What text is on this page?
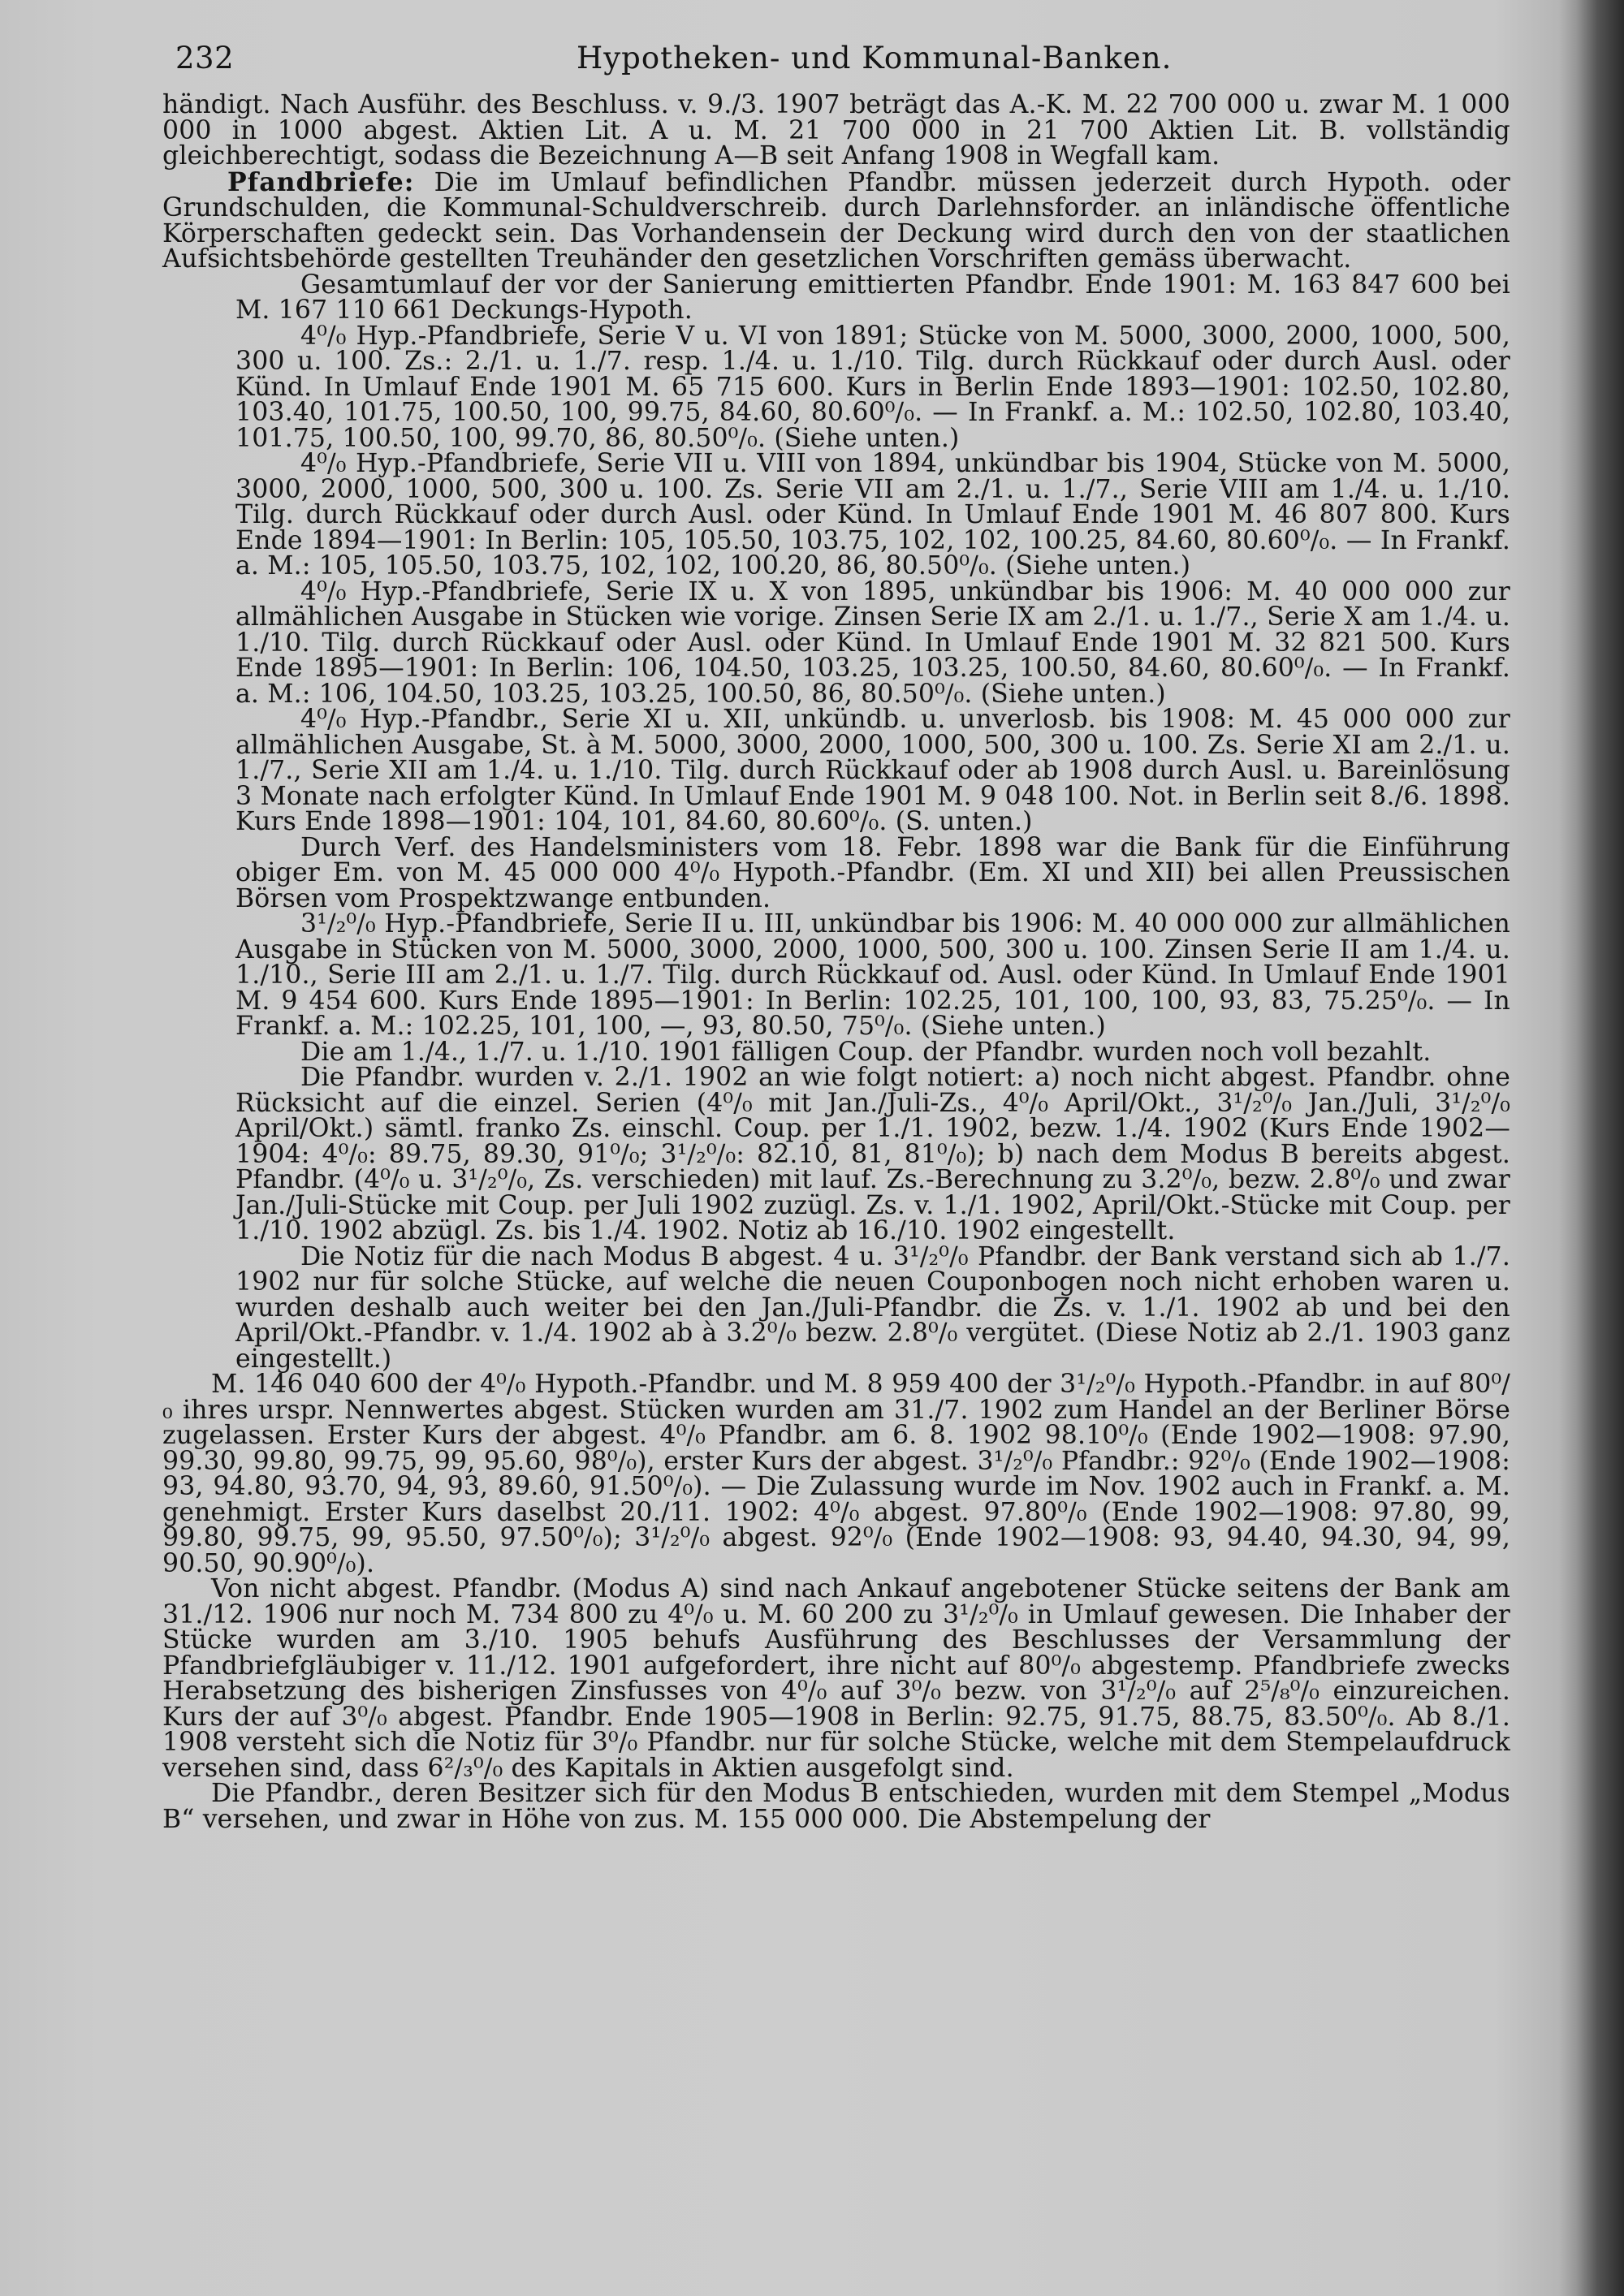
232	Hypotheken- und Kommunal-Banken.

händigt. Nach Ausführ. des Beschluss. v. 9./3. 1907 beträgt das A.-K. M. 22 700 000 u. zwar M. 1 000 000 in 1000 abgest. Aktien Lit. A u. M. 21 700 000 in 21 700 Aktien Lit. B. vollständig gleichberechtigt, sodass die Bezeichnung A—B seit Anfang 1908 in Wegfall kam.

Pfandbriefe: Die im Umlauf befindlichen Pfandbr. müssen jederzeit durch Hypoth. oder Grundschulden, die Kommunal-Schuldverschreib. durch Darlehnsforder. an inländische öffentliche Körperschaften gedeckt sein. Das Vorhandensein der Deckung wird durch den von der staatlichen Aufsichtsbehörde gestellten Treuhänder den gesetzlichen Vorschriften gemäss überwacht.

Gesamtumlauf der vor der Sanierung emittierten Pfandbr. Ende 1901: M. 163 847 600 bei M. 167 110 661 Deckungs-Hypoth.

4⁰/₀ Hyp.-Pfandbriefe, Serie V u. VI von 1891; Stücke von M. 5000, 3000, 2000, 1000, 500, 300 u. 100. Zs.: 2./1. u. 1./7. resp. 1./4. u. 1./10. Tilg. durch Rückkauf oder durch Ausl. oder Künd. In Umlauf Ende 1901 M. 65 715 600. Kurs in Berlin Ende 1893—1901: 102.50, 102.80, 103.40, 101.75, 100.50, 100, 99.75, 84.60, 80.60⁰/₀. — In Frankf. a. M.: 102.50, 102.80, 103.40, 101.75, 100.50, 100, 99.70, 86, 80.50⁰/₀. (Siehe unten.)

4⁰/₀ Hyp.-Pfandbriefe, Serie VII u. VIII von 1894, unkündbar bis 1904, Stücke von M. 5000, 3000, 2000, 1000, 500, 300 u. 100. Zs. Serie VII am 2./1. u. 1./7., Serie VIII am 1./4. u. 1./10. Tilg. durch Rückkauf oder durch Ausl. oder Künd. In Umlauf Ende 1901 M. 46 807 800. Kurs Ende 1894—1901: In Berlin: 105, 105.50, 103.75, 102, 102, 100.25, 84.60, 80.60⁰/₀. — In Frankf. a. M.: 105, 105.50, 103.75, 102, 102, 100.20, 86, 80.50⁰/₀. (Siehe unten.)

4⁰/₀ Hyp.-Pfandbriefe, Serie IX u. X von 1895, unkündbar bis 1906: M. 40 000 000 zur allmählichen Ausgabe in Stücken wie vorige. Zinsen Serie IX am 2./1. u. 1./7., Serie X am 1./4. u. 1./10. Tilg. durch Rückkauf oder Ausl. oder Künd. In Umlauf Ende 1901 M. 32 821 500. Kurs Ende 1895—1901: In Berlin: 106, 104.50, 103.25, 103.25, 100.50, 84.60, 80.60⁰/₀. — In Frankf. a. M.: 106, 104.50, 103.25, 103.25, 100.50, 86, 80.50⁰/₀. (Siehe unten.)

4⁰/₀ Hyp.-Pfandbr., Serie XI u. XII, unkündb. u. unverlosb. bis 1908: M. 45 000 000 zur allmählichen Ausgabe, St. à M. 5000, 3000, 2000, 1000, 500, 300 u. 100. Zs. Serie XI am 2./1. u. 1./7., Serie XII am 1./4. u. 1./10. Tilg. durch Rückkauf oder ab 1908 durch Ausl. u. Bareinlösung 3 Monate nach erfolgter Künd. In Umlauf Ende 1901 M. 9 048 100. Not. in Berlin seit 8./6. 1898. Kurs Ende 1898—1901: 104, 101, 84.60, 80.60⁰/₀. (S. unten.)

Durch Verf. des Handelsministers vom 18. Febr. 1898 war die Bank für die Einführung obiger Em. von M. 45 000 000 4⁰/₀ Hypoth.-Pfandbr. (Em. XI und XII) bei allen Preussischen Börsen vom Prospektzwange entbunden.

3¹/₂⁰/₀ Hyp.-Pfandbriefe, Serie II u. III, unkündbar bis 1906: M. 40 000 000 zur allmählichen Ausgabe in Stücken von M. 5000, 3000, 2000, 1000, 500, 300 u. 100. Zinsen Serie II am 1./4. u. 1./10., Serie III am 2./1. u. 1./7. Tilg. durch Rückkauf od. Ausl. oder Künd. In Umlauf Ende 1901 M. 9 454 600. Kurs Ende 1895—1901: In Berlin: 102.25, 101, 100, 100, 93, 83, 75.25⁰/₀. — In Frankf. a. M.: 102.25, 101, 100, —, 93, 80.50, 75⁰/₀. (Siehe unten.)

Die am 1./4., 1./7. u. 1./10. 1901 fälligen Coup. der Pfandbr. wurden noch voll bezahlt.

Die Pfandbr. wurden v. 2./1. 1902 an wie folgt notiert: a) noch nicht abgest. Pfandbr. ohne Rücksicht auf die einzel. Serien (4⁰/₀ mit Jan./Juli-Zs., 4⁰/₀ April/Okt., 3¹/₂⁰/₀ Jan./Juli, 3¹/₂⁰/₀ April/Okt.) sämtl. franko Zs. einschl. Coup. per 1./1. 1902, bezw. 1./4. 1902 (Kurs Ende 1902—1904: 4⁰/₀: 89.75, 89.30, 91⁰/₀; 3¹/₂⁰/₀: 82.10, 81, 81⁰/₀); b) nach dem Modus B bereits abgest. Pfandbr. (4⁰/₀ u. 3¹/₂⁰/₀, Zs. verschieden) mit lauf. Zs.-Berechnung zu 3.2⁰/₀, bezw. 2.8⁰/₀ und zwar Jan./Juli-Stücke mit Coup. per Juli 1902 zuzügl. Zs. v. 1./1. 1902, April/Okt.-Stücke mit Coup. per 1./10. 1902 abzügl. Zs. bis 1./4. 1902. Notiz ab 16./10. 1902 eingestellt.

Die Notiz für die nach Modus B abgest. 4 u. 3¹/₂⁰/₀ Pfandbr. der Bank verstand sich ab 1./7. 1902 nur für solche Stücke, auf welche die neuen Couponbogen noch nicht erhoben waren u. wurden deshalb auch weiter bei den Jan./Juli-Pfandbr. die Zs. v. 1./1. 1902 ab und bei den April/Okt.-Pfandbr. v. 1./4. 1902 ab à 3.2⁰/₀ bezw. 2.8⁰/₀ vergütet. (Diese Notiz ab 2./1. 1903 ganz eingestellt.)

M. 146 040 600 der 4⁰/₀ Hypoth.-Pfandbr. und M. 8 959 400 der 3¹/₂⁰/₀ Hypoth.-Pfandbr. in auf 80⁰/₀ ihres urspr. Nennwertes abgest. Stücken wurden am 31./7. 1902 zum Handel an der Berliner Börse zugelassen. Erster Kurs der abgest. 4⁰/₀ Pfandbr. am 6. 8. 1902 98.10⁰/₀ (Ende 1902—1908: 97.90, 99.30, 99.80, 99.75, 99, 95.60, 98⁰/₀), erster Kurs der abgest. 3¹/₂⁰/₀ Pfandbr.: 92⁰/₀ (Ende 1902—1908: 93, 94.80, 93.70, 94, 93, 89.60, 91.50⁰/₀). — Die Zulassung wurde im Nov. 1902 auch in Frankf. a. M. genehmigt. Erster Kurs daselbst 20./11. 1902: 4⁰/₀ abgest. 97.80⁰/₀ (Ende 1902—1908: 97.80, 99, 99.80, 99.75, 99, 95.50, 97.50⁰/₀); 3¹/₂⁰/₀ abgest. 92⁰/₀ (Ende 1902—1908: 93, 94.40, 94.30, 94, 99, 90.50, 90.90⁰/₀).

Von nicht abgest. Pfandbr. (Modus A) sind nach Ankauf angebotener Stücke seitens der Bank am 31./12. 1906 nur noch M. 734 800 zu 4⁰/₀ u. M. 60 200 zu 3¹/₂⁰/₀ in Umlauf gewesen. Die Inhaber der Stücke wurden am 3./10. 1905 behufs Ausführung des Beschlusses der Versammlung der Pfandbriefgläubiger v. 11./12. 1901 aufgefordert, ihre nicht auf 80⁰/₀ abgestemp. Pfandbriefe zwecks Herabsetzung des bisherigen Zinsfusses von 4⁰/₀ auf 3⁰/₀ bezw. von 3¹/₂⁰/₀ auf 2⁵/₈⁰/₀ einzureichen. Kurs der auf 3⁰/₀ abgest. Pfandbr. Ende 1905—1908 in Berlin: 92.75, 91.75, 88.75, 83.50⁰/₀. Ab 8./1. 1908 versteht sich die Notiz für 3⁰/₀ Pfandbr. nur für solche Stücke, welche mit dem Stempelaufdruck versehen sind, dass 6²/₃⁰/₀ des Kapitals in Aktien ausgefolgt sind.

Die Pfandbr., deren Besitzer sich für den Modus B entschieden, wurden mit dem Stempel „Modus B“ versehen, und zwar in Höhe von zus. M. 155 000 000. Die Abstempelung der
